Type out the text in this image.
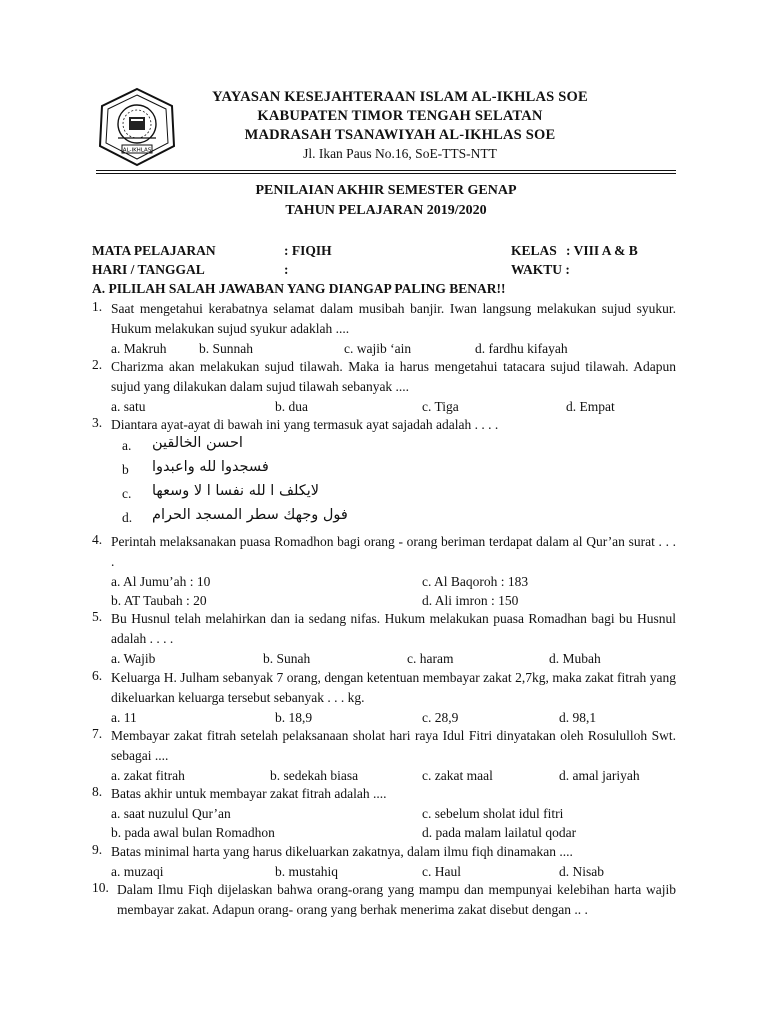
AL-IKHLAS
YAYASAN KESEJAHTERAAN ISLAM AL-IKHLAS SOE
KABUPATEN TIMOR TENGAH SELATAN
MADRASAH TSANAWIYAH AL-IKHLAS SOE
Jl. Ikan Paus No.16, SoE-TTS-NTT
PENILAIAN AKHIR SEMESTER GENAP
TAHUN PELAJARAN 2019/2020
MATA PELAJARAN	: FIQIH	KELAS : VIII A & B
HARI / TANGGAL	:	WAKTU :
A. PILILAH SALAH JAWABAN YANG DIANGAP PALING BENAR!!
1. Saat mengetahui kerabatnya selamat dalam musibah banjir. Iwan langsung melakukan sujud syukur. Hukum melakukan sujud syukur adaklah ....
a. Makruh b. Sunnah	c. wajib ‘ain	d. fardhu kifayah
2. Charizma akan melakukan sujud tilawah. Maka ia harus mengetahui tatacara sujud tilawah. Adapun sujud yang dilakukan dalam sujud tilawah sebanyak ....
a. satu	b. dua	c. Tiga	d. Empat
3. Diantara ayat-ayat di bawah ini yang termasuk ayat sajadah adalah . . . .
a. احسن الخالقين
b فسجدوا لله واعبدوا
c. لايكلف ا لله نفسا ا لا وسعها
d. فول وجهك سطر المسجد الحرام
4. Perintah melaksanakan puasa Romadhon bagi orang - orang beriman terdapat dalam al Qur’an surat . . . .
a. Al Jumu’ah : 10	c. Al Baqoroh : 183
b. AT Taubah : 20	d. Ali imron : 150
5. Bu Husnul telah melahirkan dan ia sedang nifas. Hukum melakukan puasa Romadhan bagi bu Husnul adalah . . . .
a. Wajib	b. Sunah	c. haram	d. Mubah
6. Keluarga H. Julham sebanyak 7 orang, dengan ketentuan membayar zakat 2,7kg, maka zakat fitrah yang dikeluarkan keluarga tersebut sebanyak . . . kg.
a. 11	b. 18,9	c. 28,9	d. 98,1
7. Membayar zakat fitrah setelah pelaksanaan sholat hari raya Idul Fitri dinyatakan oleh Rosululloh Swt. sebagai ....
a. zakat fitrah	b. sedekah biasa	c. zakat maal	d. amal jariyah
8. Batas akhir untuk membayar zakat fitrah adalah ....
a. saat nuzulul Qur’an	c. sebelum sholat idul fitri
b. pada awal bulan Romadhon	d. pada malam lailatul qodar
9. Batas minimal harta yang harus dikeluarkan zakatnya, dalam ilmu fiqh dinamakan ....
a. muzaqi	b. mustahiq	c. Haul	d. Nisab
10. Dalam Ilmu Fiqh dijelaskan bahwa orang-orang yang mampu dan mempunyai kelebihan harta wajib membayar zakat. Adapun orang- orang yang berhak menerima zakat disebut dengan .. .
